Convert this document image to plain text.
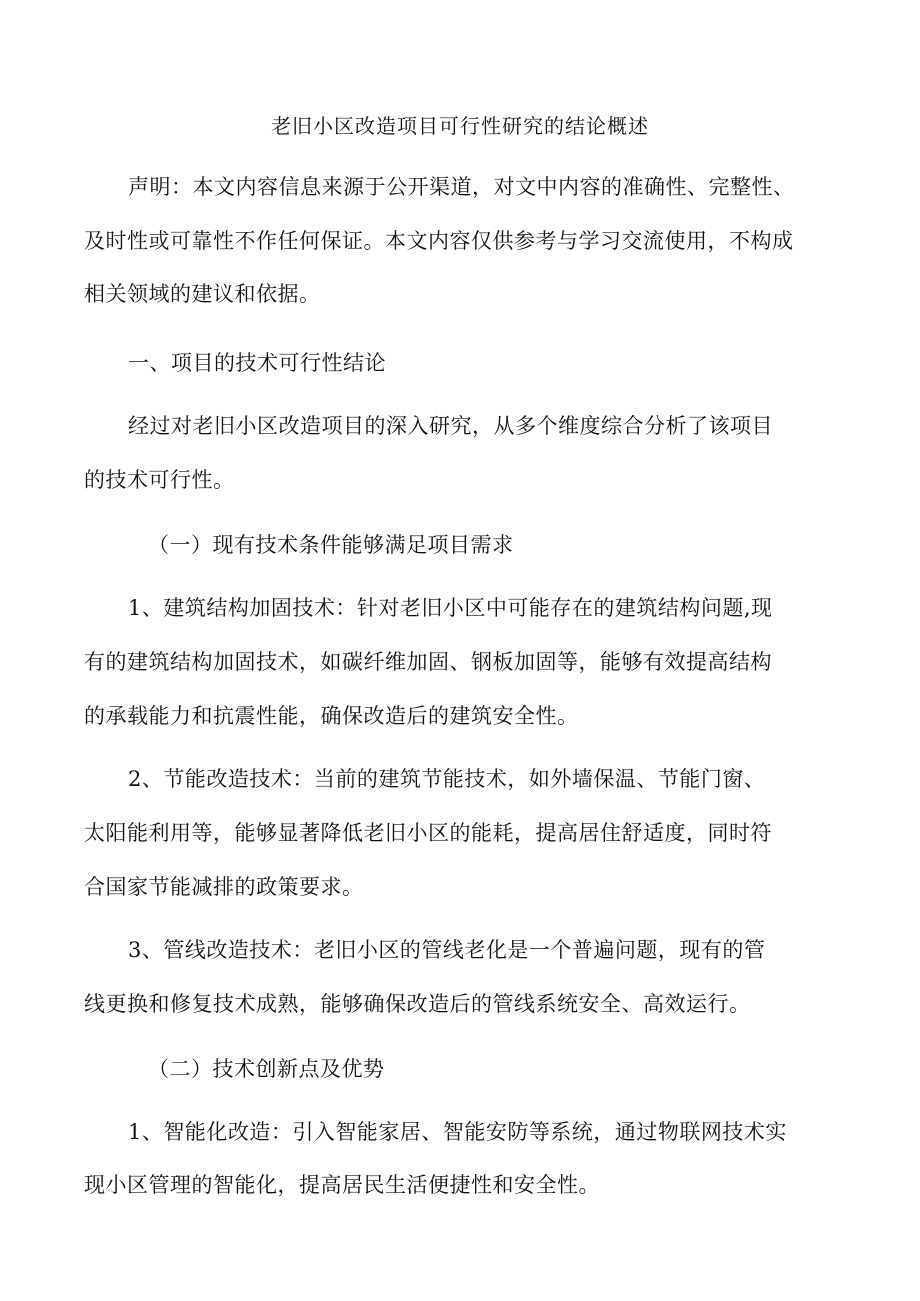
老旧小区改造项目可行性研究的结论概述
声明：本文内容信息来源于公开渠道，对文中内容的准确性、完整性、
及时性或可靠性不作任何保证。本文内容仅供参考与学习交流使用，不构成
相关领域的建议和依据。
一、项目的技术可行性结论
经过对老旧小区改造项目的深入研究，从多个维度综合分析了该项目
的技术可行性。
（一）现有技术条件能够满足项目需求
1、建筑结构加固技术：针对老旧小区中可能存在的建筑结构问题,现
有的建筑结构加固技术，如碳纤维加固、钢板加固等，能够有效提高结构
的承载能力和抗震性能，确保改造后的建筑安全性。
2、节能改造技术：当前的建筑节能技术，如外墙保温、节能门窗、
太阳能利用等，能够显著降低老旧小区的能耗，提高居住舒适度，同时符
合国家节能减排的政策要求。
3、管线改造技术：老旧小区的管线老化是一个普遍问题，现有的管
线更换和修复技术成熟，能够确保改造后的管线系统安全、高效运行。
（二）技术创新点及优势
1、智能化改造：引入智能家居、智能安防等系统，通过物联网技术实
现小区管理的智能化，提高居民生活便捷性和安全性。
